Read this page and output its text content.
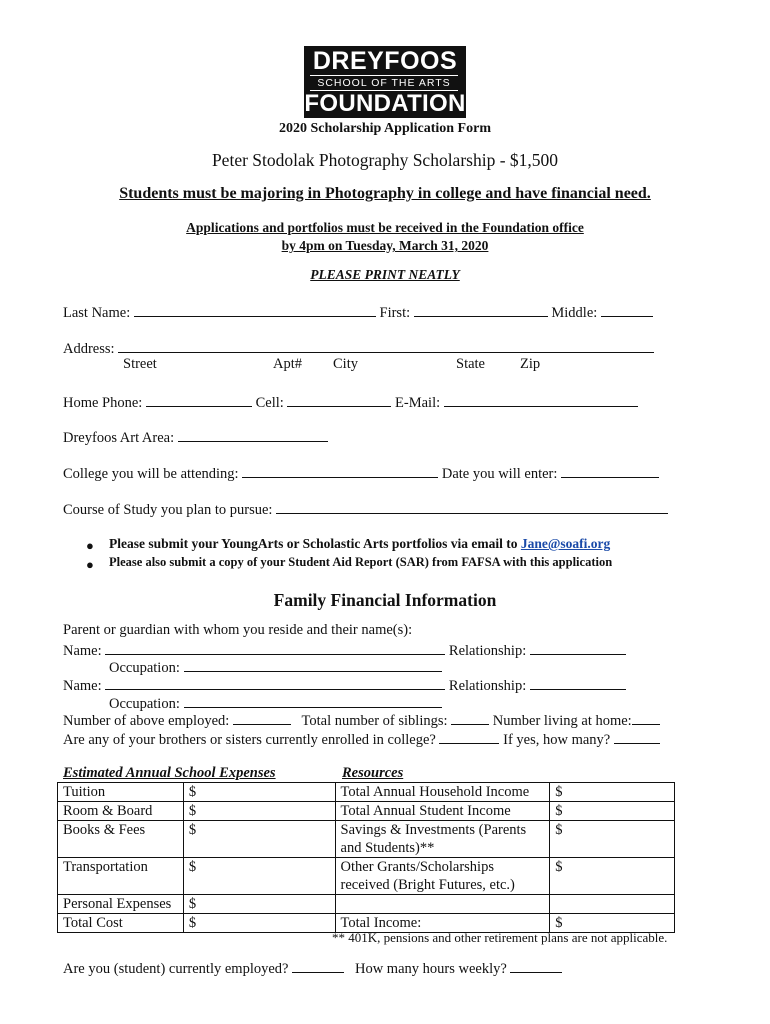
DREYFOOS
SCHOOL OF THE ARTS
FOUNDATION
2020 Scholarship Application Form
Peter Stodolak Photography Scholarship - $1,500
Students must be majoring in Photography in college and have financial need.
Applications and portfolios must be received in the Foundation office
by 4pm on Tuesday, March 31, 2020
PLEASE PRINT NEATLY
Last Name:	First:	Middle:
Address:
Street	Apt# City	State Zip
Home Phone:	Cell:	E-Mail:
Dreyfoos Art Area:
College you will be attending:	Date you will enter:
Course of Study you plan to pursue:
● Please submit your YoungArts or Scholastic Arts portfolios via email to Jane@soafi.org
● Please also submit a copy of your Student Aid Report (SAR) from FAFSA with this application
Family Financial Information
Parent or guardian with whom you reside and their name(s):
Name:	Relationship:
Occupation:
Name:	Relationship:
Occupation:
Number of above employed:	Total number of siblings:	Number living at home:
Are any of your brothers or sisters currently enrolled in college?	If yes, how many?
Estimated Annual School Expenses	Resources
Tuition	$	Total Annual Household Income	$
Room & Board	$	Total Annual Student Income	$
Books & Fees	$	Savings & Investments (Parents and Students)**	$
Transportation	$	Other Grants/Scholarships received (Bright Futures, etc.)	$
Personal Expenses	$		
Total Cost	$	Total Income:	$
** 401K, pensions and other retirement plans are not applicable.
Are you (student) currently employed?	How many hours weekly?
